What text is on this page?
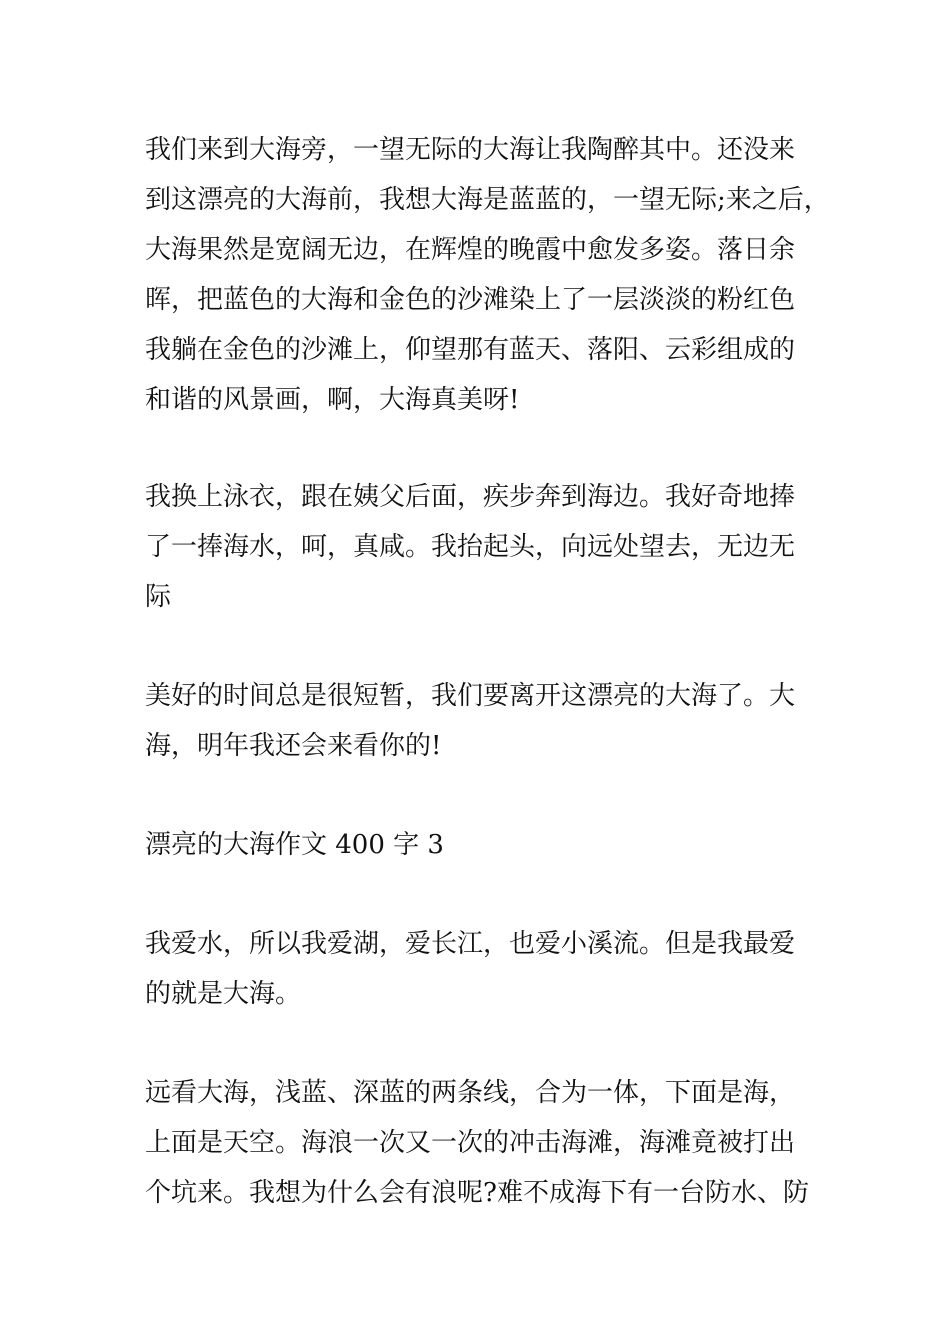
我们来到大海旁，一望无际的大海让我陶醉其中。还没来
到这漂亮的大海前，我想大海是蓝蓝的，一望无际;来之后，
大海果然是宽阔无边，在辉煌的晚霞中愈发多姿。落日余
晖，把蓝色的大海和金色的沙滩染上了一层淡淡的粉红色
我躺在金色的沙滩上，仰望那有蓝天、落阳、云彩组成的
和谐的风景画，啊，大海真美呀!

我换上泳衣，跟在姨父后面，疾步奔到海边。我好奇地捧
了一捧海水，呵，真咸。我抬起头，向远处望去，无边无
际

美好的时间总是很短暂，我们要离开这漂亮的大海了。大
海，明年我还会来看你的!

漂亮的大海作文 400 字 3

我爱水，所以我爱湖，爱长江，也爱小溪流。但是我最爱
的就是大海。

远看大海，浅蓝、深蓝的两条线，合为一体，下面是海，
上面是天空。海浪一次又一次的冲击海滩，海滩竟被打出
个坑来。我想为什么会有浪呢?难不成海下有一台防水、防
